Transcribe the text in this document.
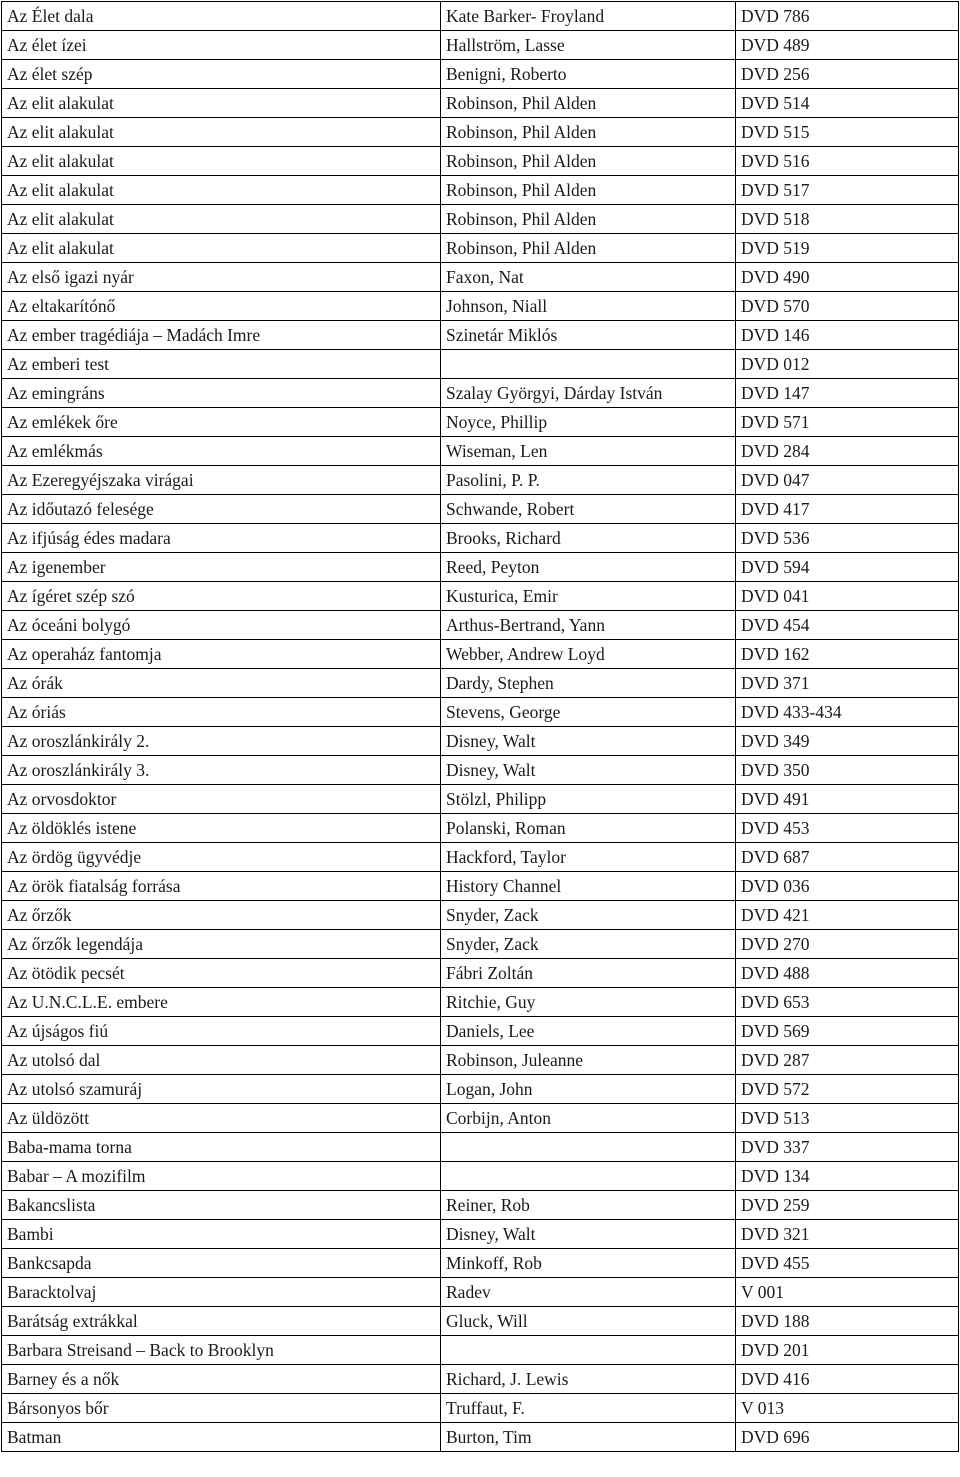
Az Élet dala	Kate Barker- Froyland	DVD 786
Az élet ízei	Hallström, Lasse	DVD 489
Az élet szép	Benigni, Roberto	DVD 256
Az elit alakulat	Robinson, Phil Alden	DVD 514
Az elit alakulat	Robinson, Phil Alden	DVD 515
Az elit alakulat	Robinson, Phil Alden	DVD 516
Az elit alakulat	Robinson, Phil Alden	DVD 517
Az elit alakulat	Robinson, Phil Alden	DVD 518
Az elit alakulat	Robinson, Phil Alden	DVD 519
Az első igazi nyár	Faxon, Nat	DVD 490
Az eltakarítónő	Johnson, Niall	DVD 570
Az ember tragédiája – Madách Imre	Szinetár Miklós	DVD 146
Az emberi test		DVD 012
Az emingráns	Szalay Györgyi, Dárday István	DVD 147
Az emlékek őre	Noyce, Phillip	DVD 571
Az emlékmás	Wiseman, Len	DVD 284
Az Ezeregyéjszaka virágai	Pasolini, P. P.	DVD 047
Az időutazó felesége	Schwande, Robert	DVD 417
Az ifjúság édes madara	Brooks, Richard	DVD 536
Az igenember	Reed, Peyton	DVD 594
Az ígéret szép szó	Kusturica, Emir	DVD 041
Az óceáni bolygó	Arthus-Bertrand, Yann	DVD 454
Az operaház fantomja	Webber, Andrew Loyd	DVD 162
Az órák	Dardy, Stephen	DVD 371
Az óriás	Stevens, George	DVD 433-434
Az oroszlánkirály 2.	Disney, Walt	DVD 349
Az oroszlánkirály 3.	Disney, Walt	DVD 350
Az orvosdoktor	Stölzl, Philipp	DVD 491
Az öldöklés istene	Polanski, Roman	DVD 453
Az ördög ügyvédje	Hackford, Taylor	DVD 687
Az örök fiatalság forrása	History Channel	DVD 036
Az őrzők	Snyder, Zack	DVD 421
Az őrzők legendája	Snyder, Zack	DVD 270
Az ötödik pecsét	Fábri Zoltán	DVD 488
Az U.N.C.L.E. embere	Ritchie, Guy	DVD 653
Az újságos fiú	Daniels, Lee	DVD 569
Az utolsó dal	Robinson, Juleanne	DVD 287
Az utolsó szamuráj	Logan, John	DVD 572
Az üldözött	Corbijn, Anton	DVD 513
Baba-mama torna		DVD 337
Babar – A mozifilm		DVD 134
Bakancslista	Reiner, Rob	DVD 259
Bambi	Disney, Walt	DVD 321
Bankcsapda	Minkoff, Rob	DVD 455
Baracktolvaj	Radev	V 001
Barátság extrákkal	Gluck, Will	DVD 188
Barbara Streisand – Back to Brooklyn		DVD 201
Barney és a nők	Richard, J. Lewis	DVD 416
Bársonyos bőr	Truffaut, F.	V 013
Batman	Burton, Tim	DVD 696
